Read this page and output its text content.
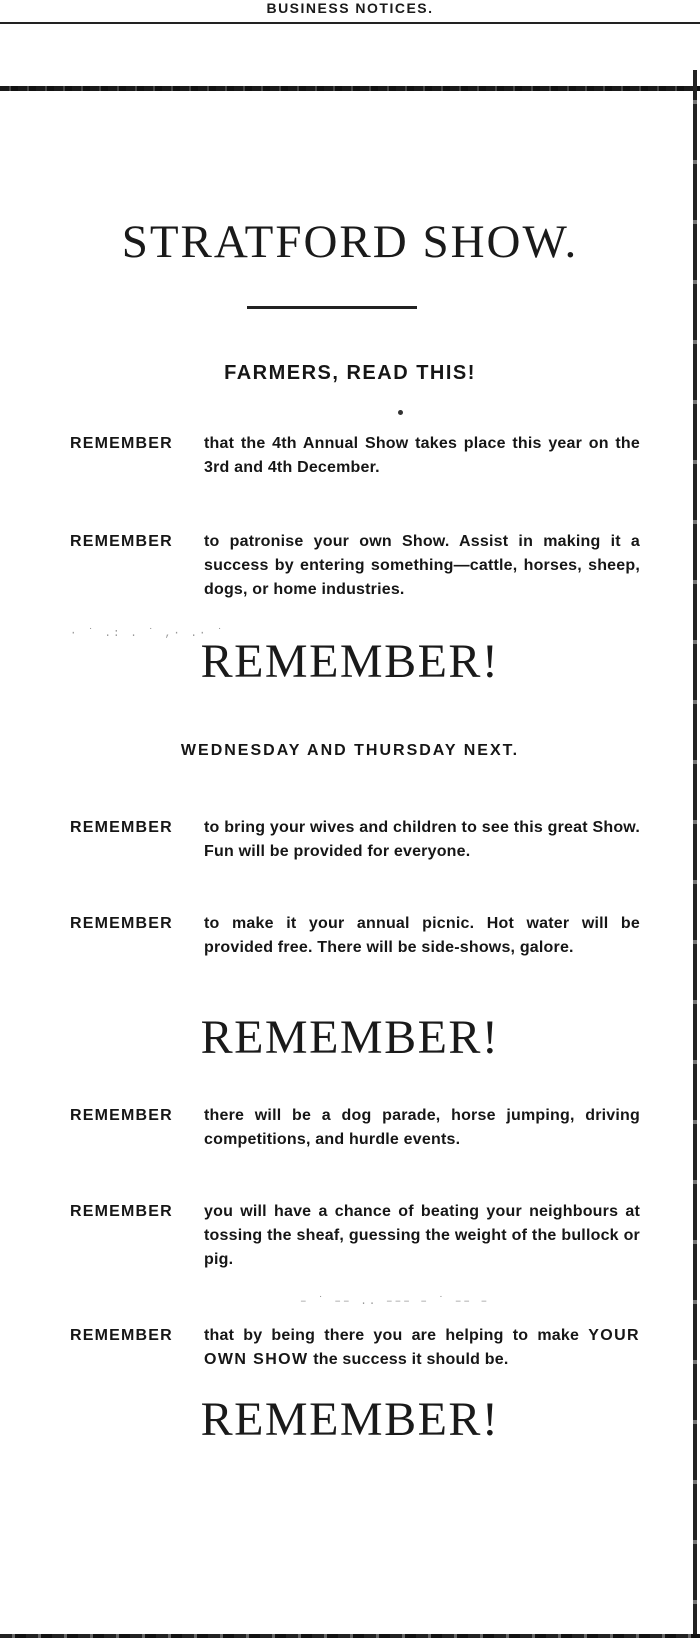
BUSINESS NOTICES.
STRATFORD SHOW.
FARMERS, READ THIS!
REMEMBER that the 4th Annual Show takes place this year on the 3rd and 4th December.
REMEMBER to patronise your own Show. Assist in making it a success by entering something—cattle, horses, sheep, dogs, or home industries.
· ˙ .: . ˙ ,· .· ˙
REMEMBER!
WEDNESDAY AND THURSDAY NEXT.
REMEMBER to bring your wives and children to see this great Show. Fun will be provided for everyone.
REMEMBER to make it your annual picnic. Hot water will be provided free. There will be side-shows, galore.
REMEMBER!
REMEMBER there will be a dog parade, horse jumping, driving competitions, and hurdle events.
REMEMBER you will have a chance of beating your neighbours at tossing the sheaf, guessing the weight of the bullock or pig.
‒ ˙ ‒‒ .. ‒‒‒ ‒ ˙ ‒‒ ‒
REMEMBER that by being there you are helping to make YOUR OWN SHOW the success it should be.
REMEMBER!
